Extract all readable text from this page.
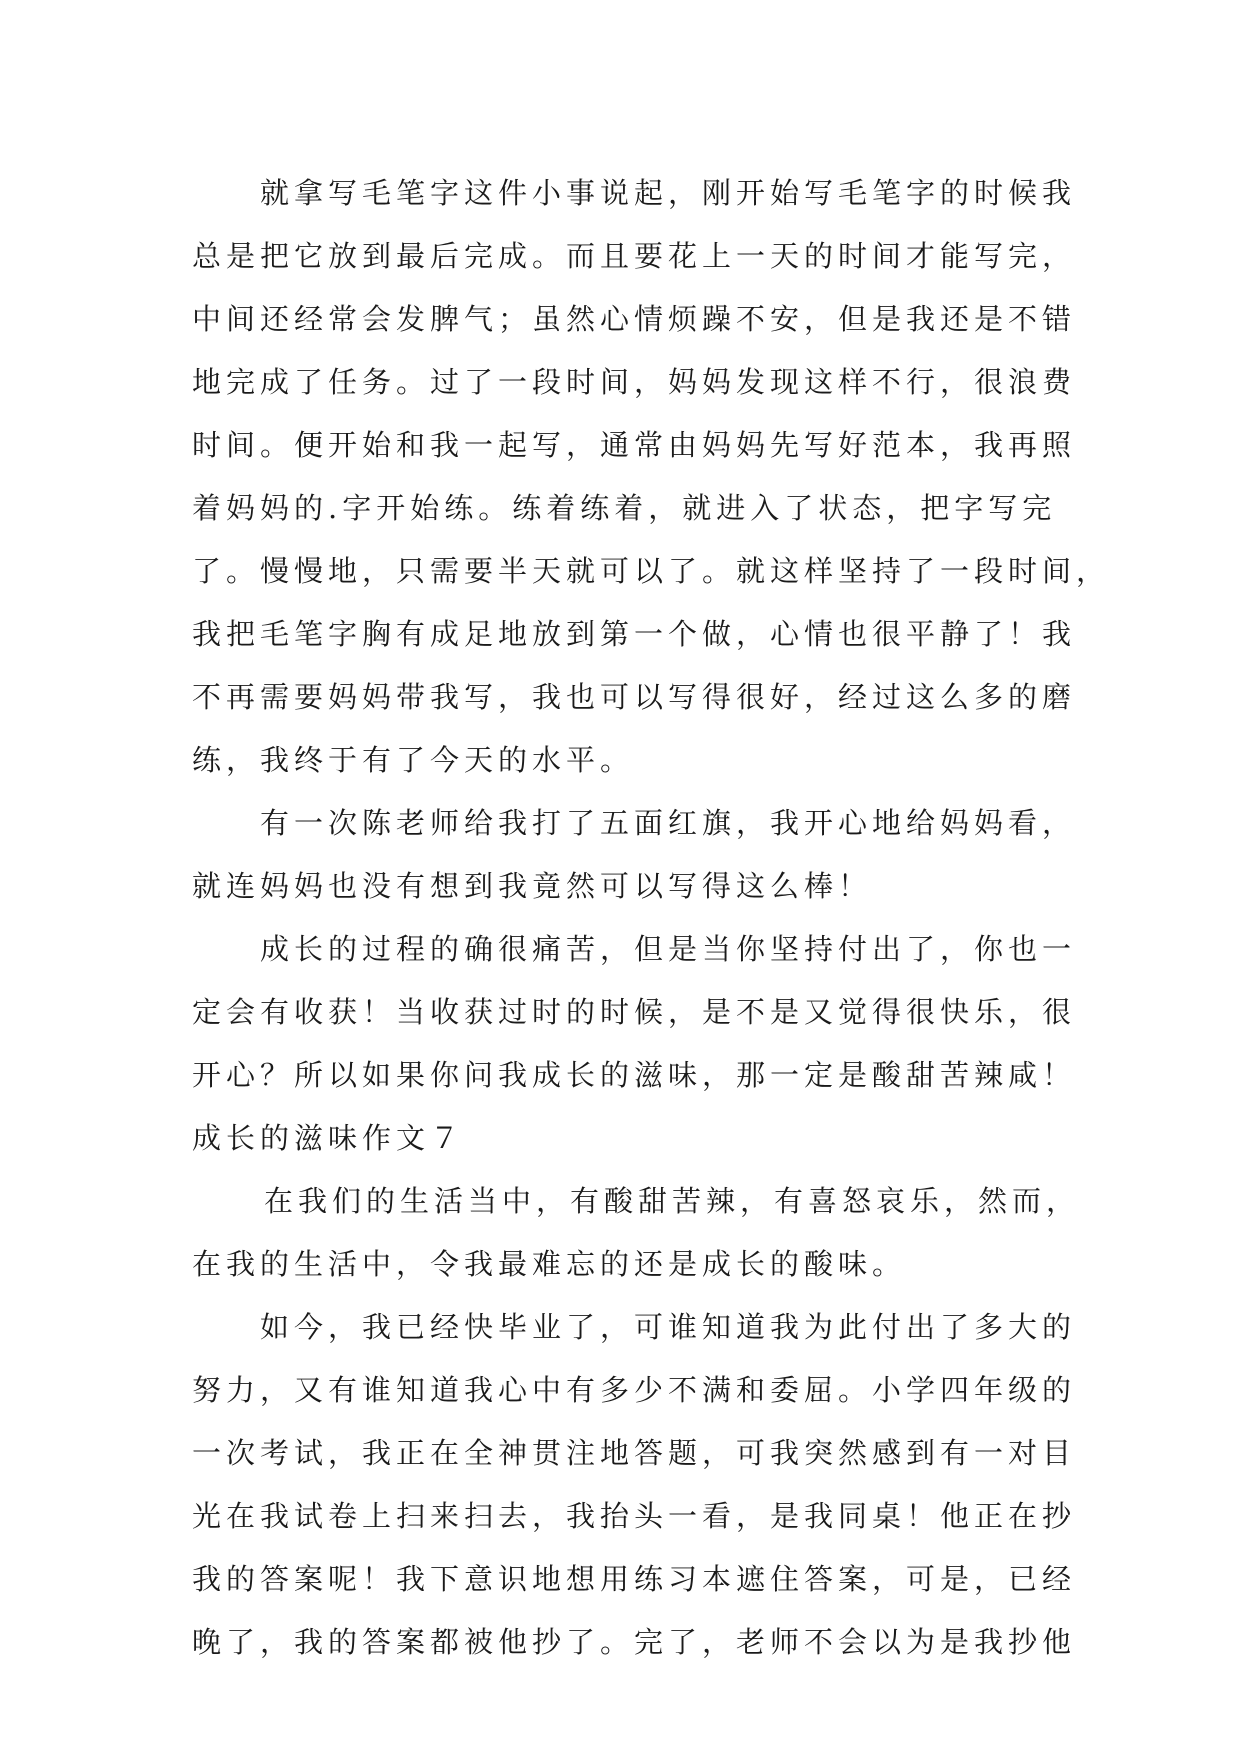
就拿写毛笔字这件小事说起，刚开始写毛笔字的时候我
总是把它放到最后完成。而且要花上一天的时间才能写完，
中间还经常会发脾气；虽然心情烦躁不安，但是我还是不错
地完成了任务。过了一段时间，妈妈发现这样不行，很浪费
时间。便开始和我一起写，通常由妈妈先写好范本，我再照
着妈妈的.字开始练。练着练着，就进入了状态，把字写完
了。慢慢地，只需要半天就可以了。就这样坚持了一段时间，
我把毛笔字胸有成足地放到第一个做，心情也很平静了！我
不再需要妈妈带我写，我也可以写得很好，经过这么多的磨
练，我终于有了今天的水平。
有一次陈老师给我打了五面红旗，我开心地给妈妈看，
就连妈妈也没有想到我竟然可以写得这么棒！
成长的过程的确很痛苦，但是当你坚持付出了，你也一
定会有收获！当收获过时的时候，是不是又觉得很快乐，很
开心？所以如果你问我成长的滋味，那一定是酸甜苦辣咸！
成长的滋味作文７
在我们的生活当中，有酸甜苦辣，有喜怒哀乐，然而，
在我的生活中，令我最难忘的还是成长的酸味。
如今，我已经快毕业了，可谁知道我为此付出了多大的
努力，又有谁知道我心中有多少不满和委屈。小学四年级的
一次考试，我正在全神贯注地答题，可我突然感到有一对目
光在我试卷上扫来扫去，我抬头一看，是我同桌！他正在抄
我的答案呢！我下意识地想用练习本遮住答案，可是，已经
晚了，我的答案都被他抄了。完了，老师不会以为是我抄他
